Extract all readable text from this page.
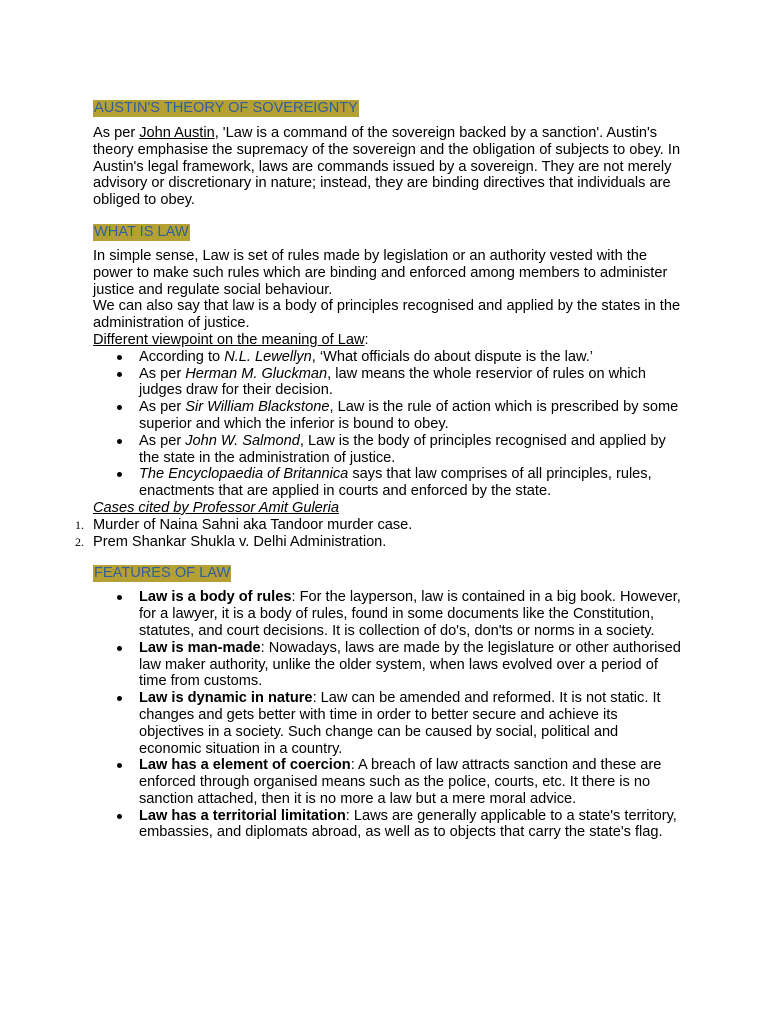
AUSTIN'S THEORY OF SOVEREIGNTY

As per John Austin, 'Law is a command of the sovereign backed by a sanction'. Austin's theory emphasise the supremacy of the sovereign and the obligation of subjects to obey. In Austin's legal framework, laws are commands issued by a sovereign. They are not merely advisory or discretionary in nature; instead, they are binding directives that individuals are obliged to obey.

WHAT IS LAW

In simple sense, Law is set of rules made by legislation or an authority vested with the power to make such rules which are binding and enforced among members to administer justice and regulate social behaviour.

We can also say that law is a body of principles recognised and applied by the states in the administration of justice.

Different viewpoint on the meaning of Law:

According to N.L. Lewellyn, ‘What officials do about dispute is the law.’
As per Herman M. Gluckman, law means the whole reservior of rules on which judges draw for their decision.
As per Sir William Blackstone, Law is the rule of action which is prescribed by some superior and which the inferior is bound to obey.
As per John W. Salmond, Law is the body of principles recognised and applied by the state in the administration of justice.
The Encyclopaedia of Britannica says that law comprises of all principles, rules, enactments that are applied in courts and enforced by the state.

Cases cited by Professor Amit Guleria

1. Murder of Naina Sahni aka Tandoor murder case.
2. Prem Shankar Shukla v. Delhi Administration.
FEATURES OF LAW
Law is a body of rules: For the layperson, law is contained in a big book. However, for a lawyer, it is a body of rules, found in some documents like the Constitution, statutes, and court decisions. It is collection of do's, don'ts or norms in a society.
Law is man-made: Nowadays, laws are made by the legislature or other authorised law maker authority, unlike the older system, when laws evolved over a period of time from customs.
Law is dynamic in nature: Law can be amended and reformed. It is not static. It changes and gets better with time in order to better secure and achieve its objectives in a society. Such change can be caused by social, political and economic situation in a country.
Law has a element of coercion: A breach of law attracts sanction and these are enforced through organised means such as the police, courts, etc. It there is no sanction attached, then it is no more a law but a mere moral advice.
Law has a territorial limitation: Laws are generally applicable to a state's territory, embassies, and diplomats abroad, as well as to objects that carry the state's flag.
